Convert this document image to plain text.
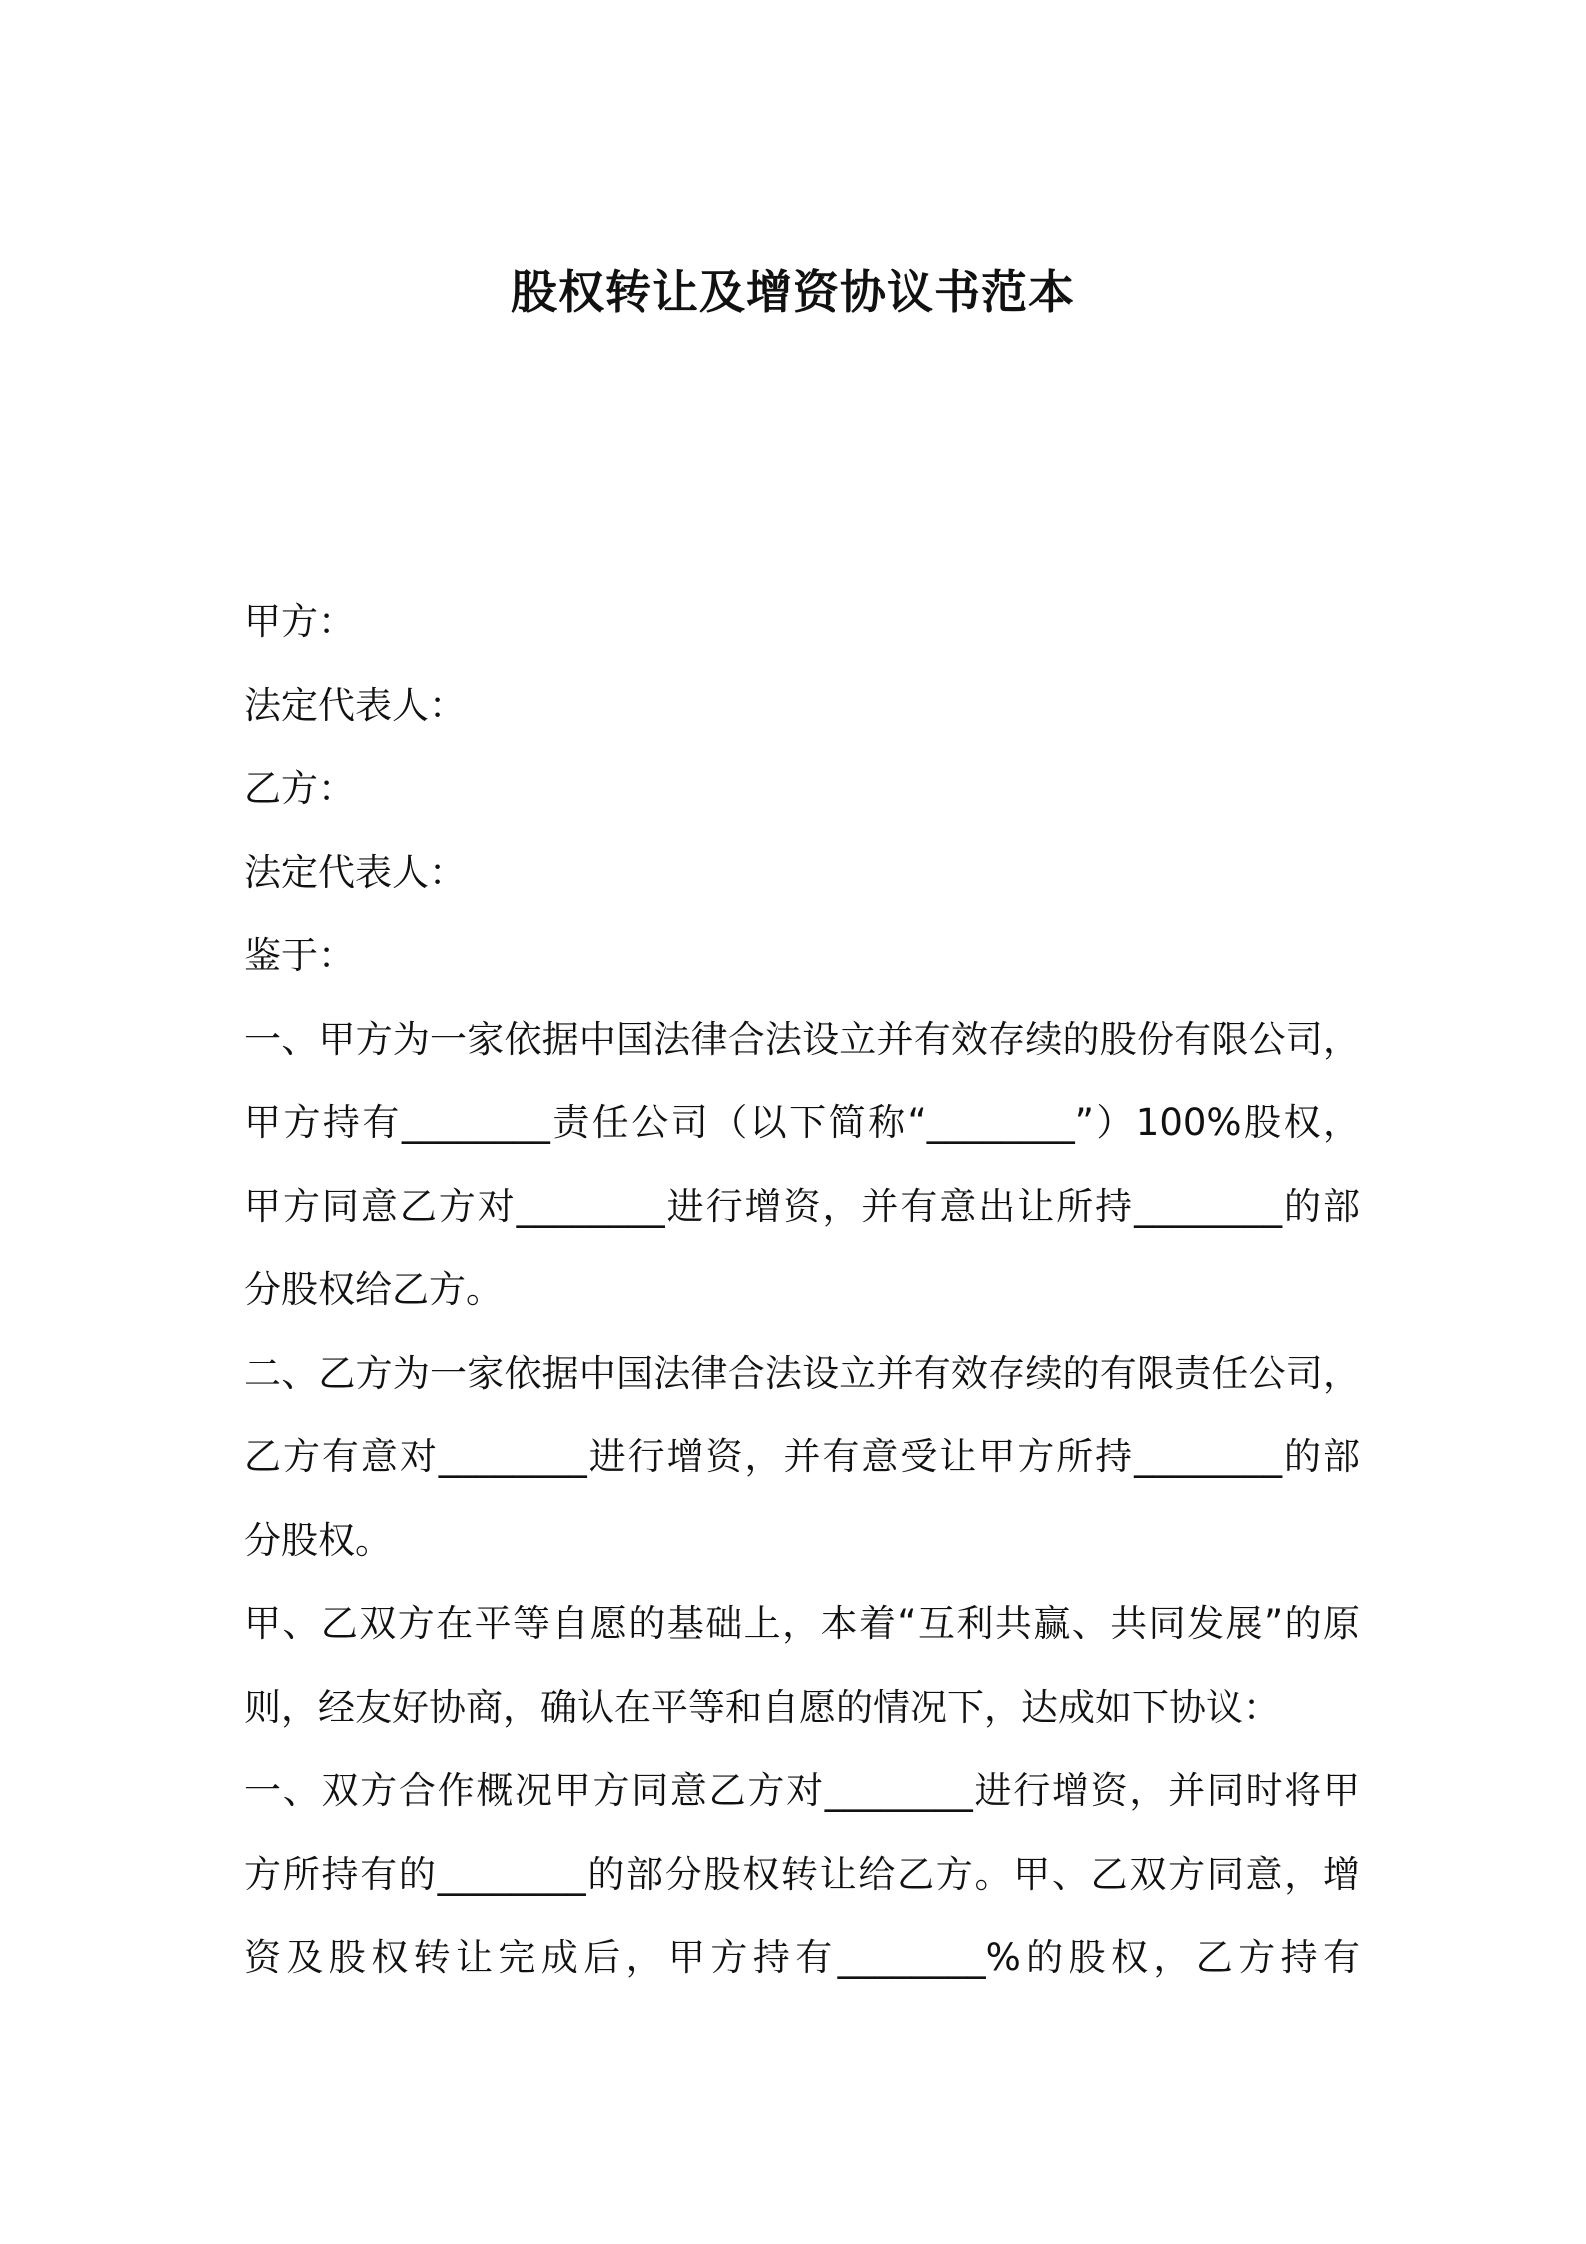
股权转让及增资协议书范本
甲方：
法定代表人：
乙方：
法定代表人：
鉴于：
一、甲方为一家依据中国法律合法设立并有效存续的股份有限公司，
甲方持有________责任公司（以下简称“________”）100%股权，
甲方同意乙方对________进行增资，并有意出让所持________的部
分股权给乙方。
二、乙方为一家依据中国法律合法设立并有效存续的有限责任公司，
乙方有意对________进行增资，并有意受让甲方所持________的部
分股权。
甲、乙双方在平等自愿的基础上，本着“互利共赢、共同发展”的原
则，经友好协商，确认在平等和自愿的情况下，达成如下协议：
一、双方合作概况甲方同意乙方对________进行增资，并同时将甲
方所持有的________的部分股权转让给乙方。甲、乙双方同意，增
资及股权转让完成后，甲方持有________%的股权，乙方持有
